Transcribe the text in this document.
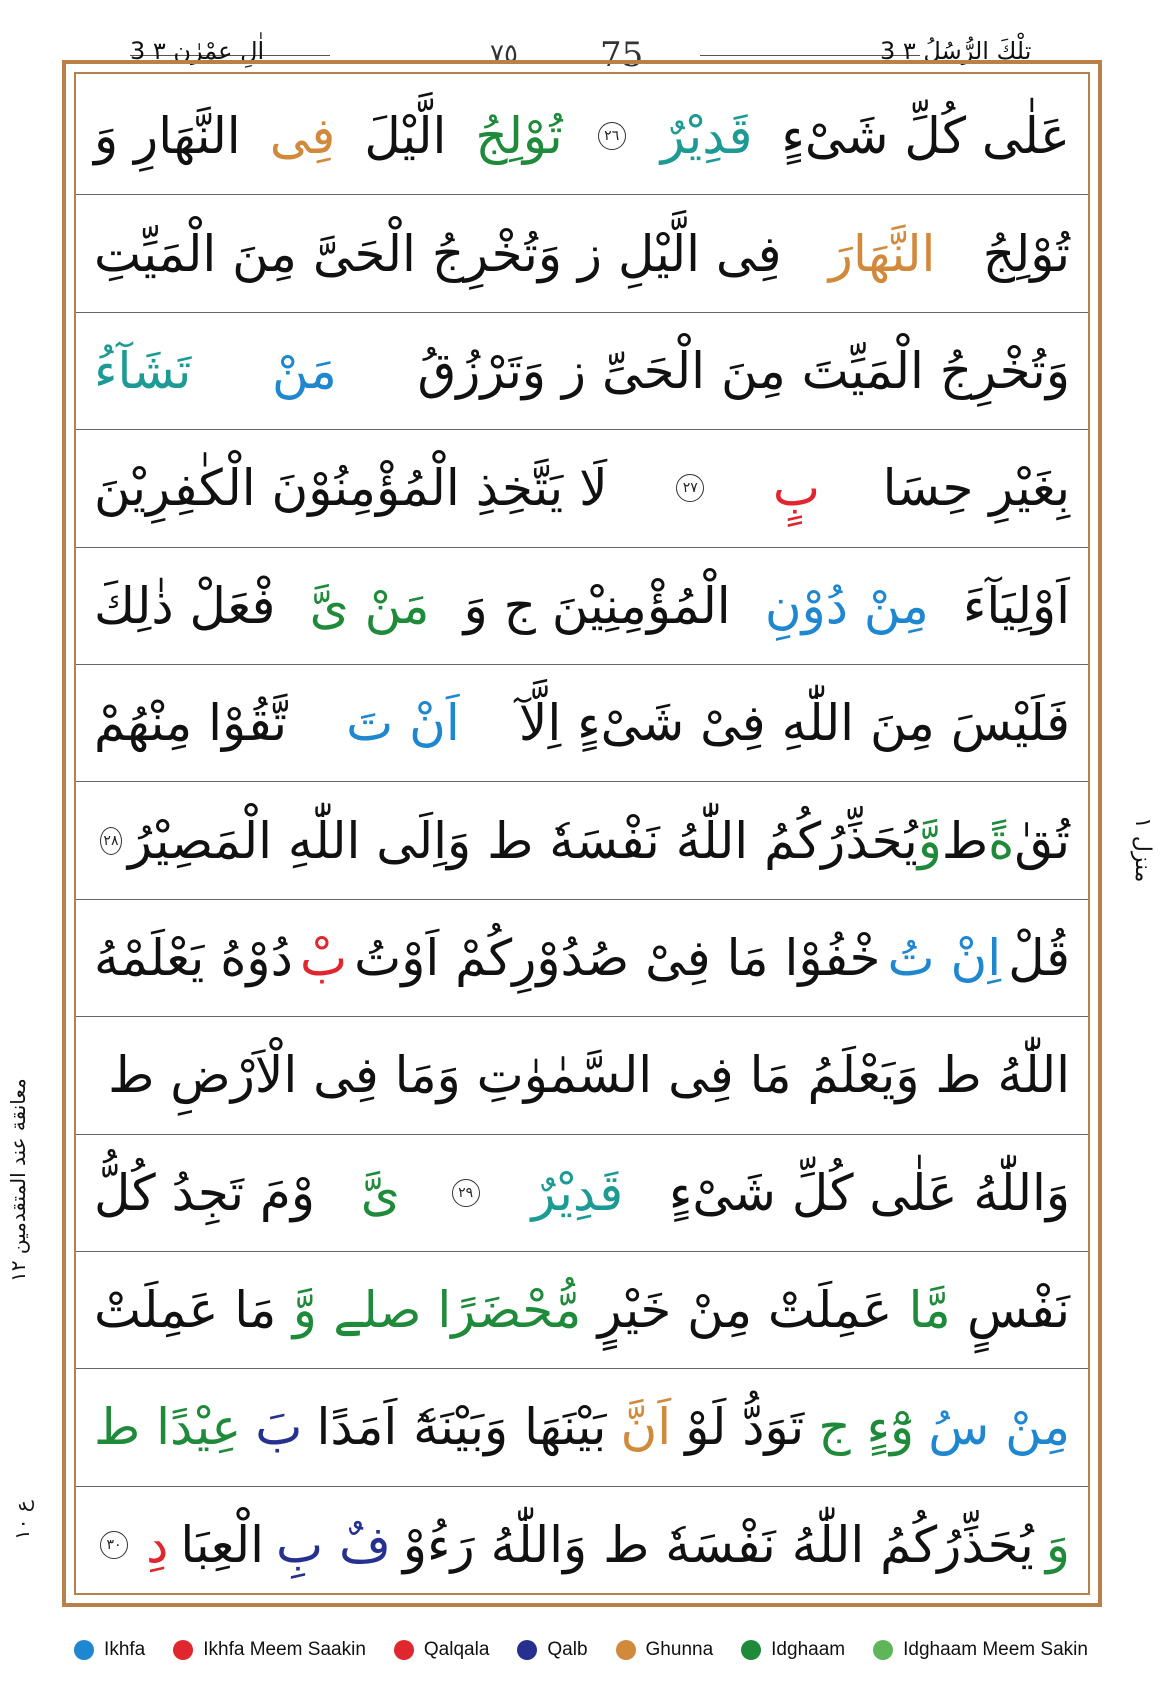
3 اٰلِ عِمْرٰن ٣	٧٥ 75	3 تِلْكَ الرُّسُلُ ٣
عَلٰى كُلِّ شَیْءٍ
قَدِیْرٌ
٢٦
تُوْلِجُ
الَّیْلَ
فِی
النَّهَارِ وَ
تُوْلِجُ
النَّهَارَ
فِی الَّیْلِ ز وَتُخْرِجُ الْحَیَّ مِنَ الْمَیِّتِ
وَتُخْرِجُ الْمَیِّتَ مِنَ الْحَیِّ ز وَتَرْزُقُ
مَنْ
تَشَآءُ
بِغَیْرِ حِسَا
بٍ
٢٧
لَا یَتَّخِذِ الْمُؤْمِنُوْنَ الْكٰفِرِیْنَ
اَوْلِیَآءَ
مِنْ دُوْنِ
الْمُؤْمِنِیْنَ ج وَ
مَنْ یَّ
فْعَلْ ذٰلِكَ
فَلَیْسَ مِنَ اللّٰهِ فِیْ شَیْءٍ اِلَّآ
اَنْ تَ
تَّقُوْا مِنْهُمْ
تُقٰ
ةً
ط
وَّ
یُحَذِّرُكُمُ اللّٰهُ نَفْسَهٗ ط وَاِلَى اللّٰهِ الْمَصِیْرُ
٢٨
قُلْ
اِنْ تُ
خْفُوْا مَا فِیْ صُدُوْرِكُمْ اَوْتُ
بْ
دُوْهُ یَعْلَمْهُ
اللّٰهُ ط وَیَعْلَمُ مَا فِی السَّمٰوٰتِ وَمَا فِی الْاَرْضِ ط
وَاللّٰهُ عَلٰى كُلِّ شَیْءٍ
قَدِیْرٌ
٢٩
یَّ
وْمَ تَجِدُ كُلُّ
نَفْسٍ
مَّا
عَمِلَتْ مِنْ خَیْرٍ
مُّحْضَرًا صلے
وَّ
مَا عَمِلَتْ
مِنْ سُ
وْٓءٍ ج
تَوَدُّ لَوْ
اَنَّ
بَیْنَهَا وَبَیْنَهٗٓ اَمَدًا
بَ
عِیْدًا ط
وَ
یُحَذِّرُكُمُ اللّٰهُ نَفْسَهٗ ط وَاللّٰهُ رَءُوْ
فٌ بِ
الْعِبَا
دِ
٣٠
منزل ١
معانقة عند المتقدمين ١٢
ع ١٠
Ikhfa	Ikhfa Meem Saakin	Qalqala	Qalb	Ghunna	Idghaam	Idghaam Meem Sakin
